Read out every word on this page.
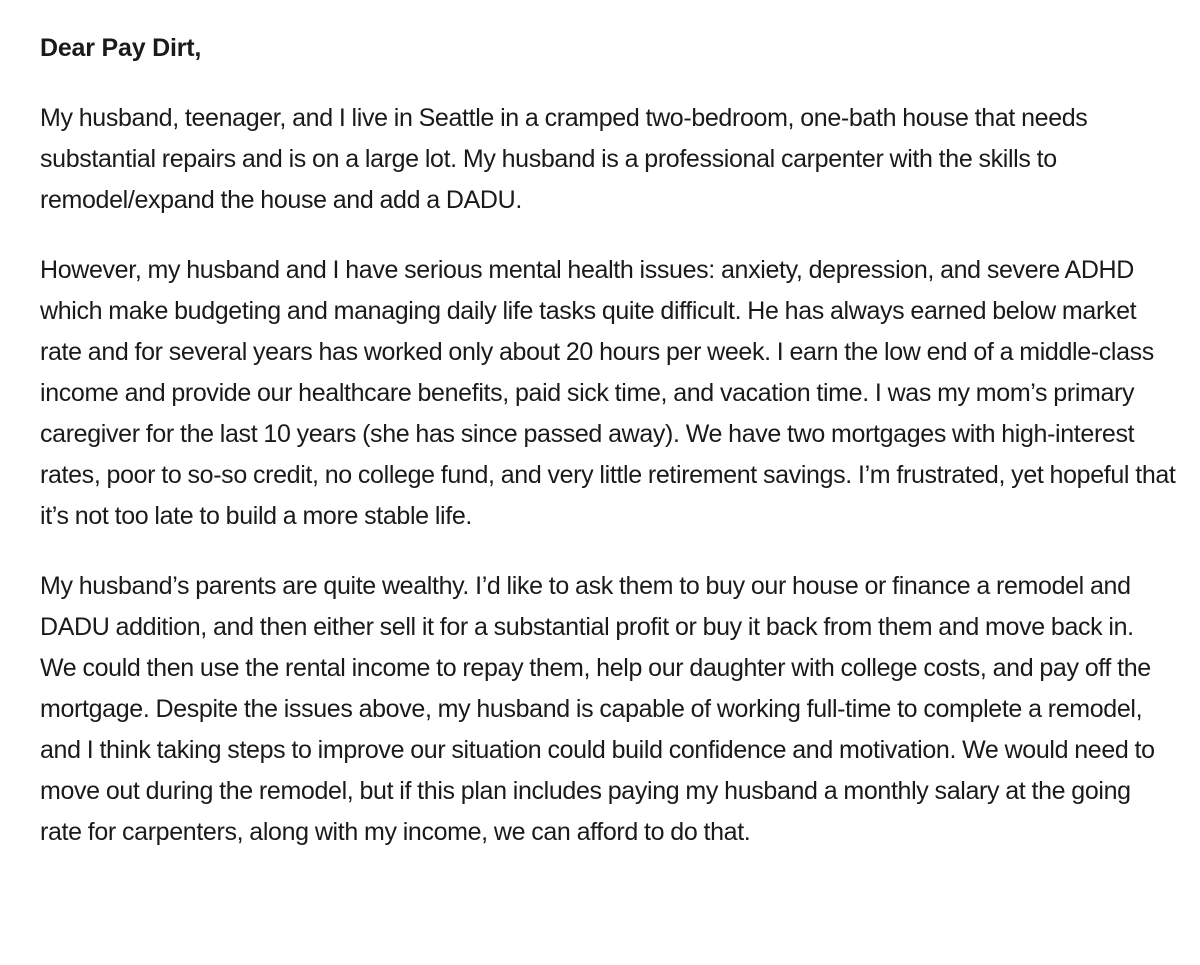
Dear Pay Dirt,

My husband, teenager, and I live in Seattle in a cramped two-bedroom, one-bath house that needs substantial repairs and is on a large lot. My husband is a professional carpenter with the skills to remodel/expand the house and add a DADU.

However, my husband and I have serious mental health issues: anxiety, depression, and severe ADHD which make budgeting and managing daily life tasks quite difficult. He has always earned below market rate and for several years has worked only about 20 hours per week. I earn the low end of a middle-class income and provide our healthcare benefits, paid sick time, and vacation time. I was my mom’s primary caregiver for the last 10 years (she has since passed away). We have two mortgages with high-interest rates, poor to so-so credit, no college fund, and very little retirement savings. I’m frustrated, yet hopeful that it’s not too late to build a more stable life.

My husband’s parents are quite wealthy. I’d like to ask them to buy our house or finance a remodel and DADU addition, and then either sell it for a substantial profit or buy it back from them and move back in. We could then use the rental income to repay them, help our daughter with college costs, and pay off the mortgage. Despite the issues above, my husband is capable of working full-time to complete a remodel, and I think taking steps to improve our situation could build confidence and motivation. We would need to move out during the remodel, but if this plan includes paying my husband a monthly salary at the going rate for carpenters, along with my income, we can afford to do that.
